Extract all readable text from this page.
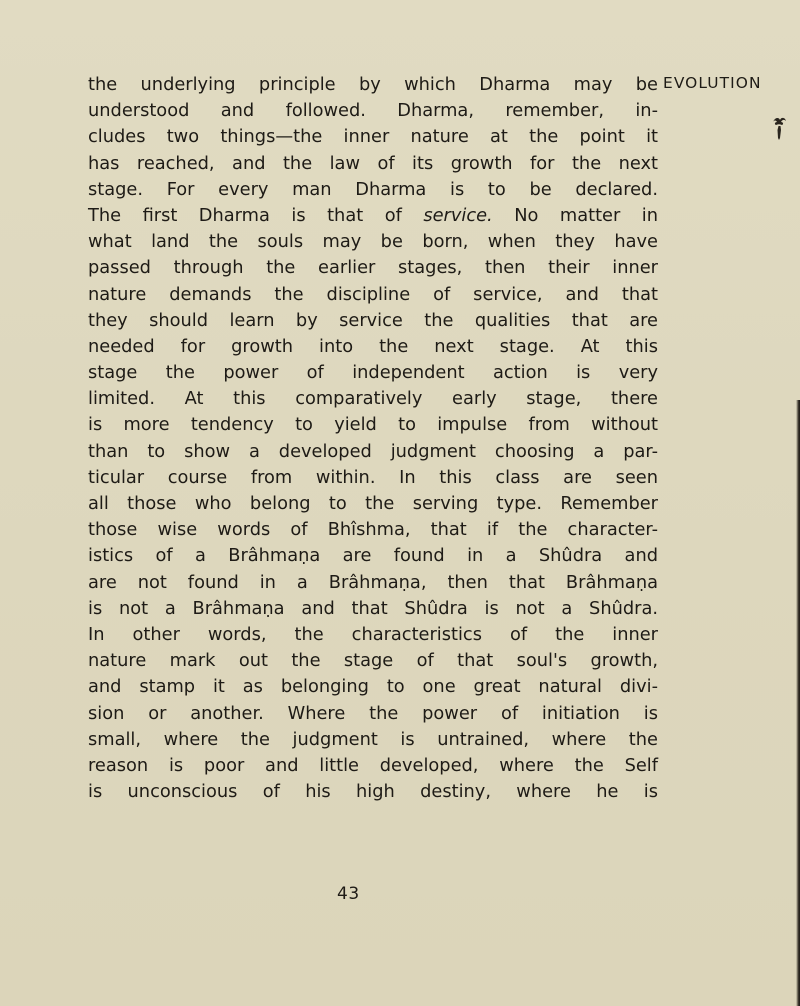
EVOLUTION
the underlying principle by which Dharma may be
understood and followed. Dharma, remember, in-
cludes two things—the inner nature at the point it
has reached, and the law of its growth for the next
stage. For every man Dharma is to be declared.
The first Dharma is that of service. No matter in
what land the souls may be born, when they have
passed through the earlier stages, then their inner
nature demands the discipline of service, and that
they should learn by service the qualities that are
needed for growth into the next stage. At this
stage the power of independent action is very
limited. At this comparatively early stage, there
is more tendency to yield to impulse from without
than to show a developed judgment choosing a par-
ticular course from within. In this class are seen
all those who belong to the serving type. Remember
those wise words of Bhîshma, that if the character-
istics of a Brâhmaṇa are found in a Shûdra and
are not found in a Brâhmaṇa, then that Brâhmaṇa
is not a Brâhmaṇa and that Shûdra is not a Shûdra.
In other words, the characteristics of the inner
nature mark out the stage of that soul's growth,
and stamp it as belonging to one great natural divi-
sion or another. Where the power of initiation is
small, where the judgment is untrained, where the
reason is poor and little developed, where the Self
is unconscious of his high destiny, where he is
43
